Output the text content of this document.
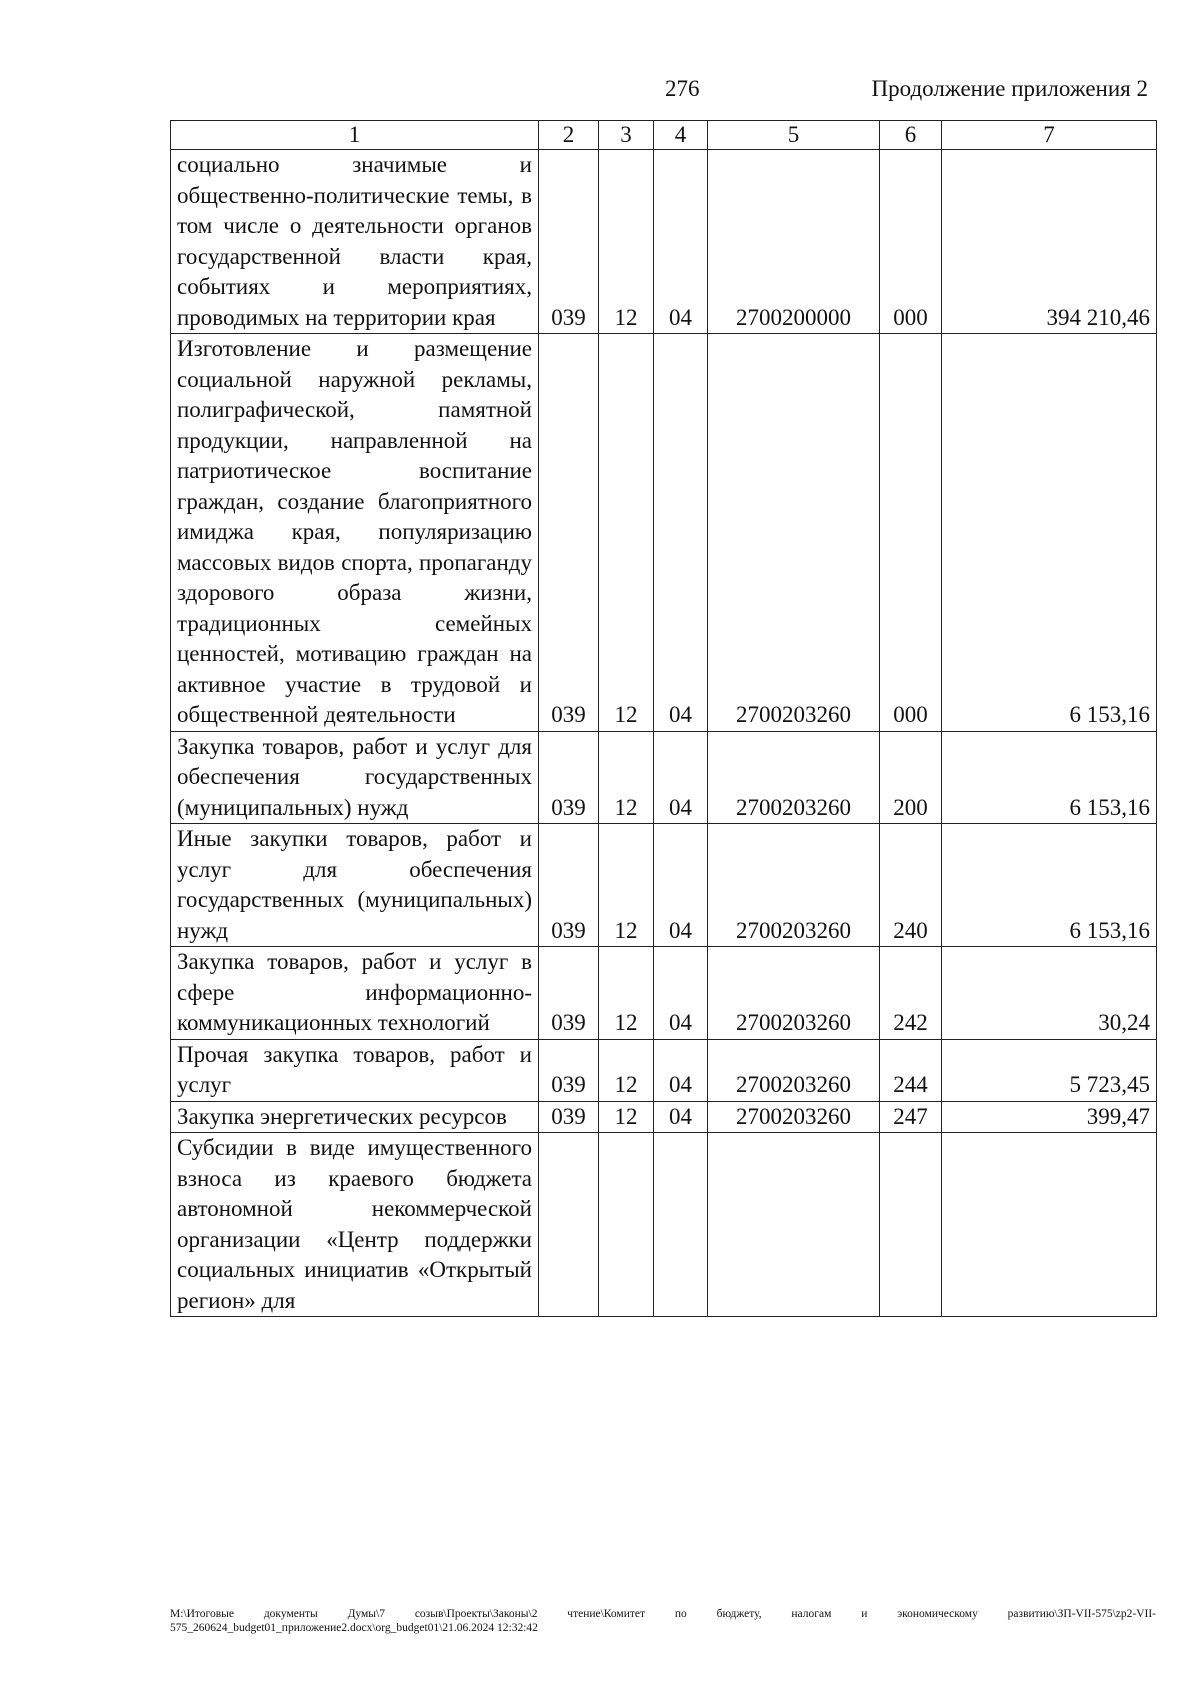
276	Продолжение приложения 2
1	2	3	4	5	6	7
социально значимые и общественно-политические темы, в том числе о деятельности органов государственной власти края, событиях и мероприятиях, проводимых на территории края	039	12	04	2700200000	000	394 210,46
Изготовление и размещение социальной наружной рекламы, полиграфической, памятной продукции, направленной на патриотическое воспитание граждан, создание благоприятного имиджа края, популяризацию массовых видов спорта, пропаганду здорового образа жизни, традиционных семейных ценностей, мотивацию граждан на активное участие в трудовой и общественной деятельности	039	12	04	2700203260	000	6 153,16
Закупка товаров, работ и услуг для обеспечения государственных (муниципальных) нужд	039	12	04	2700203260	200	6 153,16
Иные закупки товаров, работ и услуг для обеспечения государственных (муниципальных) нужд	039	12	04	2700203260	240	6 153,16
Закупка товаров, работ и услуг в сфере информационно-коммуникационных технологий	039	12	04	2700203260	242	30,24
Прочая закупка товаров, работ и услуг	039	12	04	2700203260	244	5 723,45
Закупка энергетических ресурсов	039	12	04	2700203260	247	399,47
Субсидии в виде имущественного взноса из краевого бюджета автономной некоммерческой организации «Центр поддержки социальных инициатив «Открытый регион» для						
M:\Итоговые документы Думы\7 созыв\Проекты\Законы\2 чтение\Комитет по бюджету, налогам и экономическому развитию\ЗП-VII-575\zp2-VII-575_260624_budget01_приложение2.docx\org_budget01\21.06.2024 12:32:42
